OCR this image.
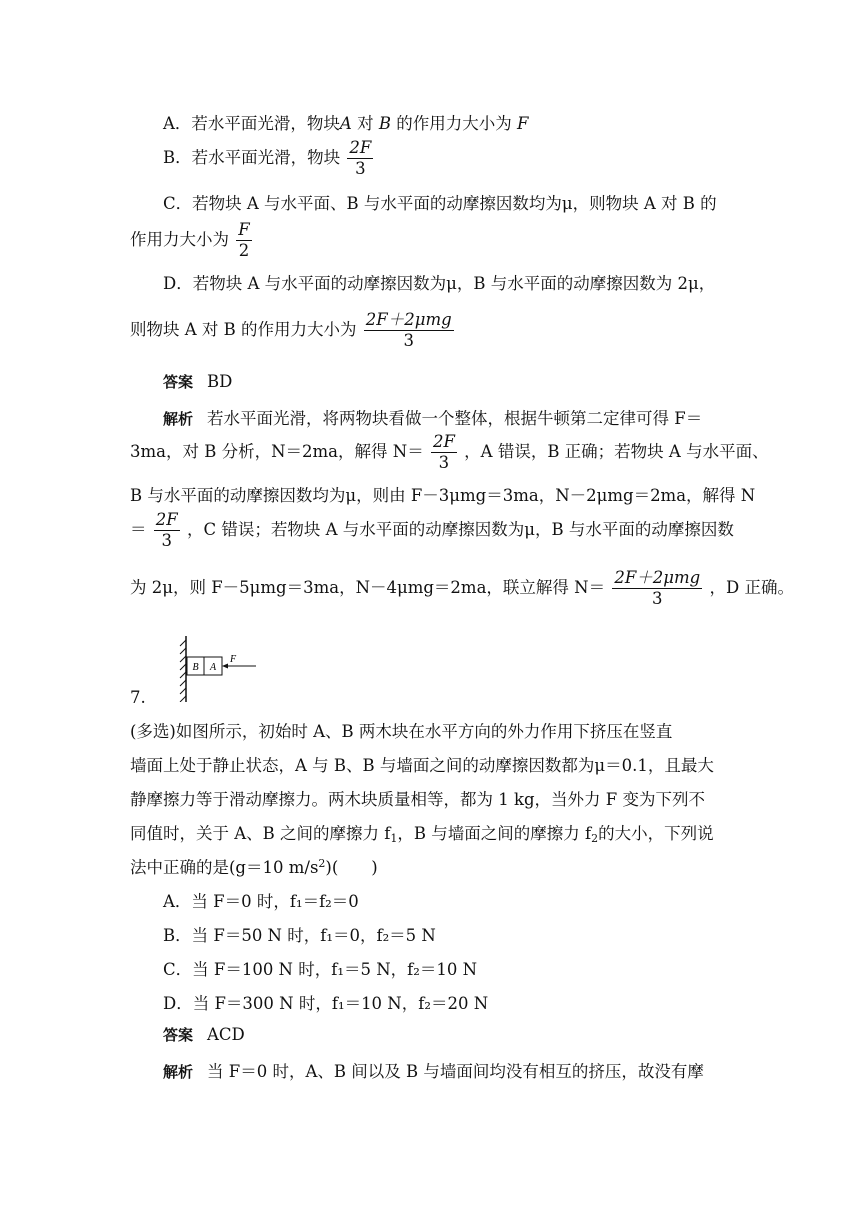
A．若水平面光滑，物块A 对 B 的作用力大小为 F
B．若水平面光滑，物块 $\frac{2F}{3}$
C．若物块 A 与水平面、B 与水平面的动摩擦因数均为μ，则物块 A 对 B 的
作用力大小为 $\frac{F}{2}$
D．若物块 A 与水平面的动摩擦因数为μ，B 与水平面的动摩擦因数为 2μ，
则物块 A 对 B 的作用力大小为 $\frac{\text{2F＋2μmg}}{3}$
答案 BD
解析 若水平面光滑，将两物块看做一个整体，根据牛顿第二定律可得 F＝
3ma，对 B 分析，N＝2ma，解得 $N= \frac{2F}{3}$ ，A 错误，B 正确；若物块 A 与水平面、
B 与水平面的动摩擦因数均为μ，则由 F－3μmg＝3ma，N－2μmg＝2ma，解得 N
＝ $\frac{2F}{3}$ ，C 错误；若物块 A 与水平面的动摩擦因数为μ，B 与水平面的动摩擦因数
为 2μ，则 F－5μmg＝3ma，N－4μmg＝2ma，联立解得 $N= \frac{\text{2F＋2μmg}}{3}$ ，D 正确。
B A
F
7.
(多选)如图所示，初始时 A、B 两木块在水平方向的外力作用下挤压在竖直
墙面上处于静止状态，A 与 B、B 与墙面之间的动摩擦因数都为μ＝0.1，且最大
静摩擦力等于滑动摩擦力。两木块质量相等，都为 1 kg，当外力 F 变为下列不
同值时，关于 A、B 之间的摩擦力 $f_1$，B 与墙面之间的摩擦力 $f_2$的大小，下列说
法中正确的是(g＝10 $m/s^2$)(　　)
A．当 F＝0 时，f₁＝f₂＝0
B．当 F＝50 N 时，f₁＝0，f₂＝5 N
C．当 F＝100 N 时，f₁＝5 N，f₂＝10 N
D．当 F＝300 N 时，f₁＝10 N，f₂＝20 N
答案 ACD
解析 当 F＝0 时，A、B 间以及 B 与墙面间均没有相互的挤压，故没有摩
